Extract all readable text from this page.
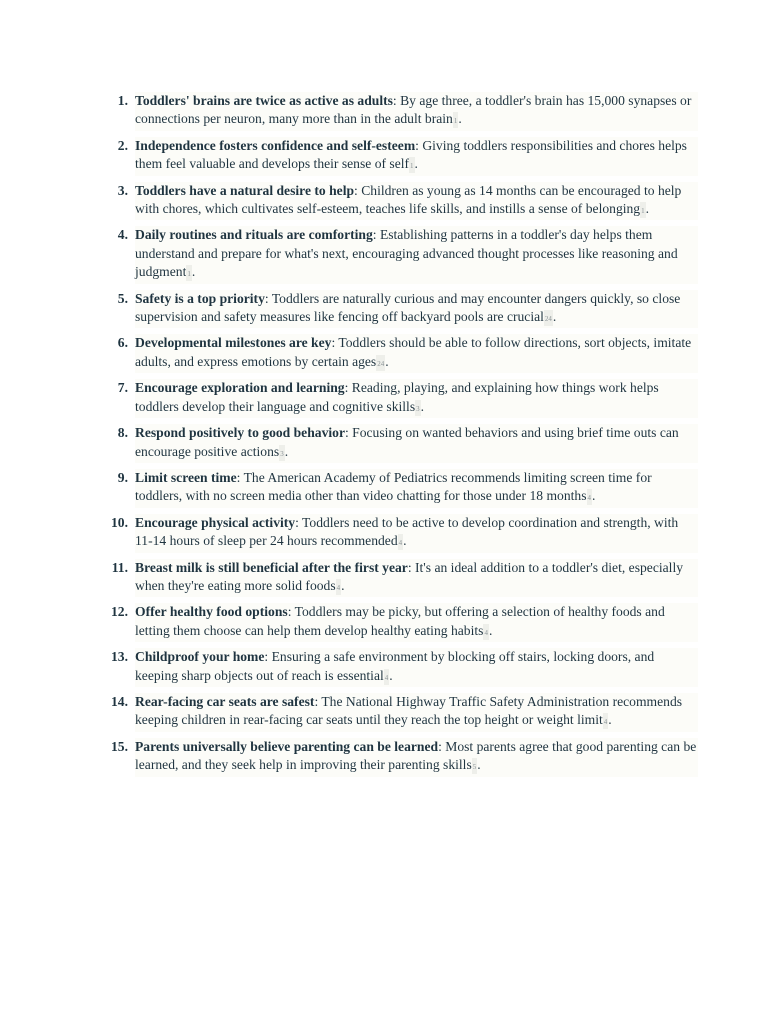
1. Toddlers' brains are twice as active as adults: By age three, a toddler's brain has 15,000 synapses or connections per neuron, many more than in the adult brain1.
2. Independence fosters confidence and self-esteem: Giving toddlers responsibilities and chores helps them feel valuable and develops their sense of self1.
3. Toddlers have a natural desire to help: Children as young as 14 months can be encouraged to help with chores, which cultivates self-esteem, teaches life skills, and instills a sense of belonging1.
4. Daily routines and rituals are comforting: Establishing patterns in a toddler's day helps them understand and prepare for what's next, encouraging advanced thought processes like reasoning and judgment1.
5. Safety is a top priority: Toddlers are naturally curious and may encounter dangers quickly, so close supervision and safety measures like fencing off backyard pools are crucial24.
6. Developmental milestones are key: Toddlers should be able to follow directions, sort objects, imitate adults, and express emotions by certain ages24.
7. Encourage exploration and learning: Reading, playing, and explaining how things work helps toddlers develop their language and cognitive skills3.
8. Respond positively to good behavior: Focusing on wanted behaviors and using brief time outs can encourage positive actions3.
9. Limit screen time: The American Academy of Pediatrics recommends limiting screen time for toddlers, with no screen media other than video chatting for those under 18 months4.
10. Encourage physical activity: Toddlers need to be active to develop coordination and strength, with 11-14 hours of sleep per 24 hours recommended4.
11. Breast milk is still beneficial after the first year: It's an ideal addition to a toddler's diet, especially when they're eating more solid foods4.
12. Offer healthy food options: Toddlers may be picky, but offering a selection of healthy foods and letting them choose can help them develop healthy eating habits4.
13. Childproof your home: Ensuring a safe environment by blocking off stairs, locking doors, and keeping sharp objects out of reach is essential4.
14. Rear-facing car seats are safest: The National Highway Traffic Safety Administration recommends keeping children in rear-facing car seats until they reach the top height or weight limit4.
15. Parents universally believe parenting can be learned: Most parents agree that good parenting can be learned, and they seek help in improving their parenting skills5.
